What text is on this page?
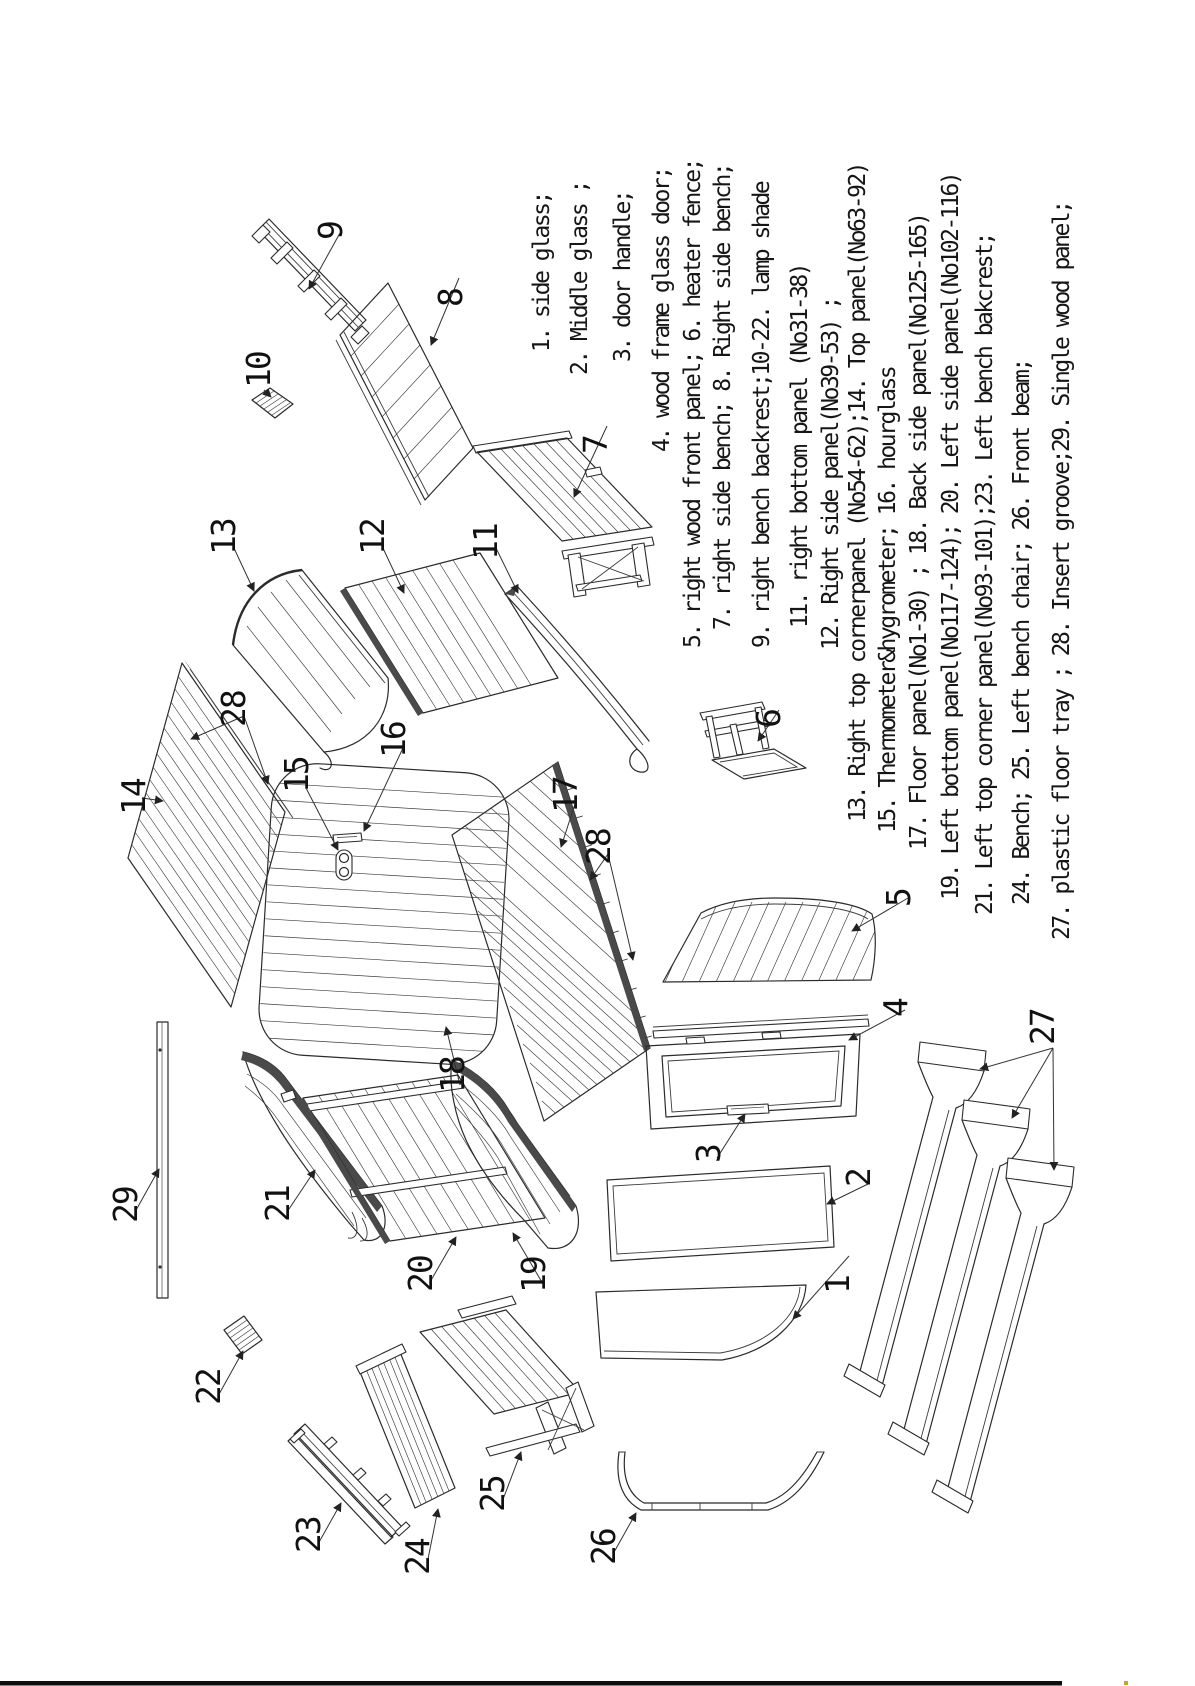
1
2
3
4
5
6
7
8
9
10
11
12
13
14
15
16
17
18
19
20
21
22
23
24
25
26
27
28
28
29
1. side glass; 2. Middle glass ; 3. door handle; 4. wood frame glass door; 5. right wood front panel; 6. heater fence; 7. right side bench; 8. Right side bench; 9. right bench backrest;10-22. lamp shade 11. right bottom panel (No31-38) 12. Right side panel(No39-53) ; 13. Right top cornerpanel (No54-62);14. Top panel(No63-92) 15. Thermometer&hygrometer; 16. hourglass 17. Floor panel(No1-30) ; 18. Back side panel(No125-165) 19. Left bottom panel(No117-124); 20. Left side panel(No102-116) 21. Left top corner panel(No93-101);23. Left bench bakcrest; 24. Bench; 25. Left bench chair; 26. Front beam; 27. plastic floor tray ; 28. Insert groove;29. Single wood panel;
